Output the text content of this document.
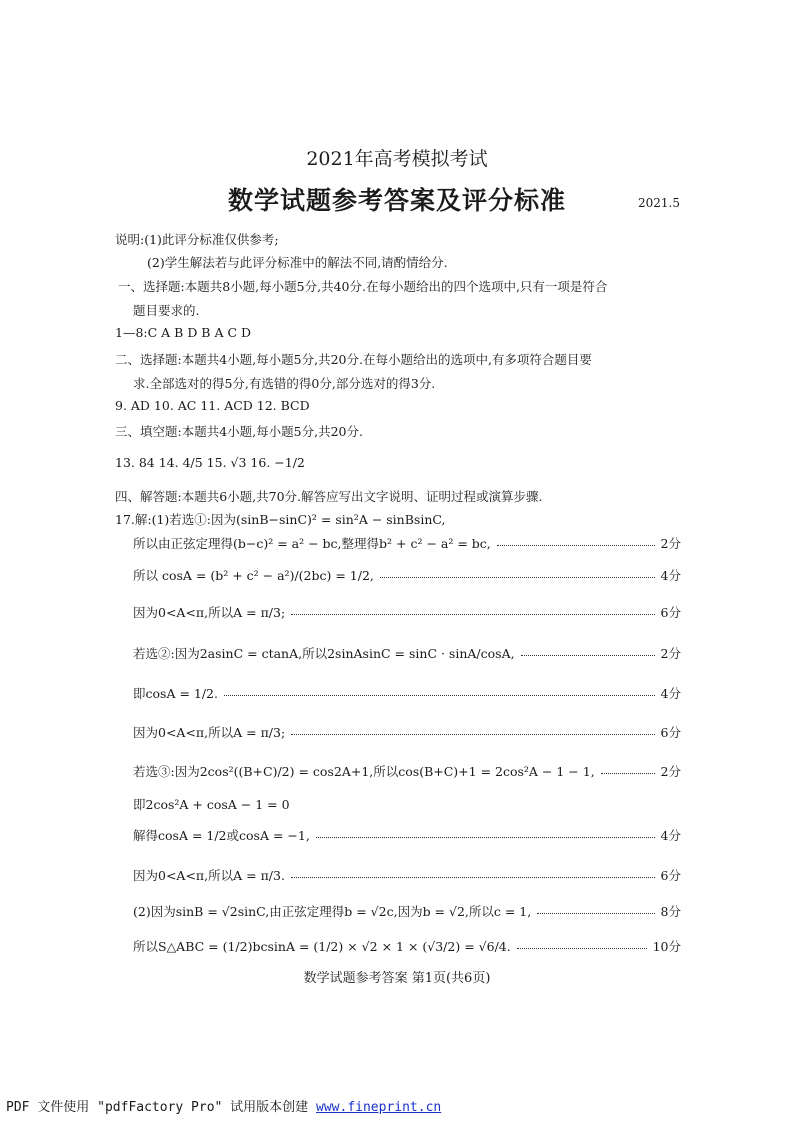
2021年高考模拟考试
数学试题参考答案及评分标准	2021.5
说明:(1)此评分标准仅供参考;
(2)学生解法若与此评分标准中的解法不同,请酌情给分.
一、选择题:本题共8小题,每小题5分,共40分.在每小题给出的四个选项中,只有一项是符合
题目要求的.
1—8:C A B D B A C D
二、选择题:本题共4小题,每小题5分,共20分.在每小题给出的选项中,有多项符合题目要
求.全部选对的得5分,有选错的得0分,部分选对的得3分.
9. AD 10. AC 11. ACD 12. BCD
三、填空题:本题共4小题,每小题5分,共20分.
13. 84 14. 4/5 15. √3 16. −1/2
四、解答题:本题共6小题,共70分.解答应写出文字说明、证明过程或演算步骤.
17.解:(1)若选①:因为(sinB−sinC)² = sin²A − sinBsinC,
所以由正弦定理得(b−c)² = a² − bc,整理得b² + c² − a² = bc,	2分
所以 cosA = (b² + c² − a²)/(2bc) = 1/2,	4分
因为0<A<π,所以A = π/3;	6分
若选②:因为2asinC = ctanA,所以2sinAsinC = sinC · sinA/cosA,	2分
即cosA = 1/2.	4分
因为0<A<π,所以A = π/3;	6分
若选③:因为2cos²((B+C)/2) = cos2A+1,所以cos(B+C)+1 = 2cos²A − 1 − 1,	2分
即2cos²A + cosA − 1 = 0
解得cosA = 1/2或cosA = −1,	4分
因为0<A<π,所以A = π/3.	6分
(2)因为sinB = √2sinC,由正弦定理得b = √2c,因为b = √2,所以c = 1,	8分
所以S△ABC = (1/2)bcsinA = (1/2) × √2 × 1 × (√3/2) = √6/4.	10分
数学试题参考答案 第1页(共6页)
PDF 文件使用 "pdfFactory Pro" 试用版本创建 www.fineprint.cn
